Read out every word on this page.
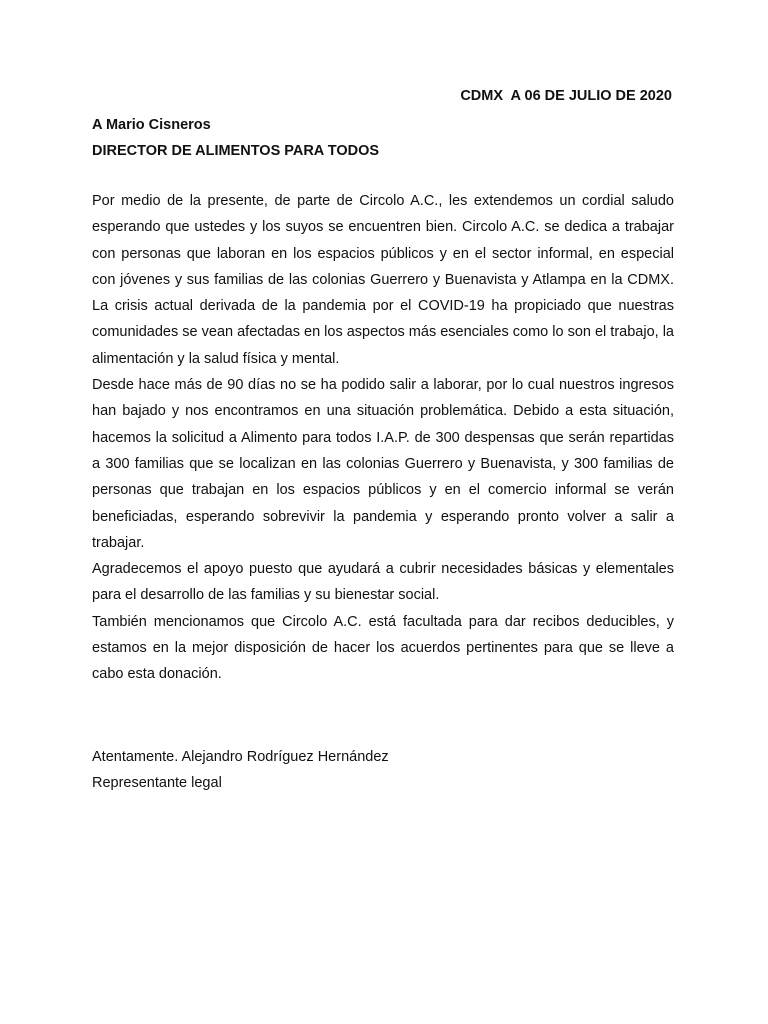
CDMX  A 06 DE JULIO DE 2020
A Mario Cisneros
DIRECTOR DE ALIMENTOS PARA TODOS

Por medio de la presente, de parte de Circolo A.C., les extendemos un cordial saludo esperando que ustedes y los suyos se encuentren bien. Circolo A.C. se dedica a trabajar con personas que laboran en los espacios públicos y en el sector informal, en especial con jóvenes y sus familias de las colonias Guerrero y Buenavista y Atlampa en la CDMX. La crisis actual derivada de la pandemia por el COVID-19 ha propiciado que nuestras comunidades se vean afectadas en los aspectos más esenciales como lo son el trabajo, la alimentación y la salud física y mental.

Desde hace más de 90 días no se ha podido salir a laborar, por lo cual nuestros ingresos han bajado y nos encontramos en una situación problemática. Debido a esta situación, hacemos la solicitud a Alimento para todos I.A.P. de 300 despensas que serán repartidas a 300 familias que se localizan en las colonias Guerrero y Buenavista, y 300 familias de personas que trabajan en los espacios públicos y en el comercio informal se verán beneficiadas, esperando sobrevivir la pandemia y esperando pronto volver a salir a trabajar.

Agradecemos el apoyo puesto que ayudará a cubrir necesidades básicas y elementales para el desarrollo de las familias y su bienestar social.

También mencionamos que Circolo A.C. está facultada para dar recibos deducibles, y estamos en la mejor disposición de hacer los acuerdos pertinentes para que se lleve a cabo esta donación.

Atentamente. Alejandro Rodríguez Hernández
Representante legal
